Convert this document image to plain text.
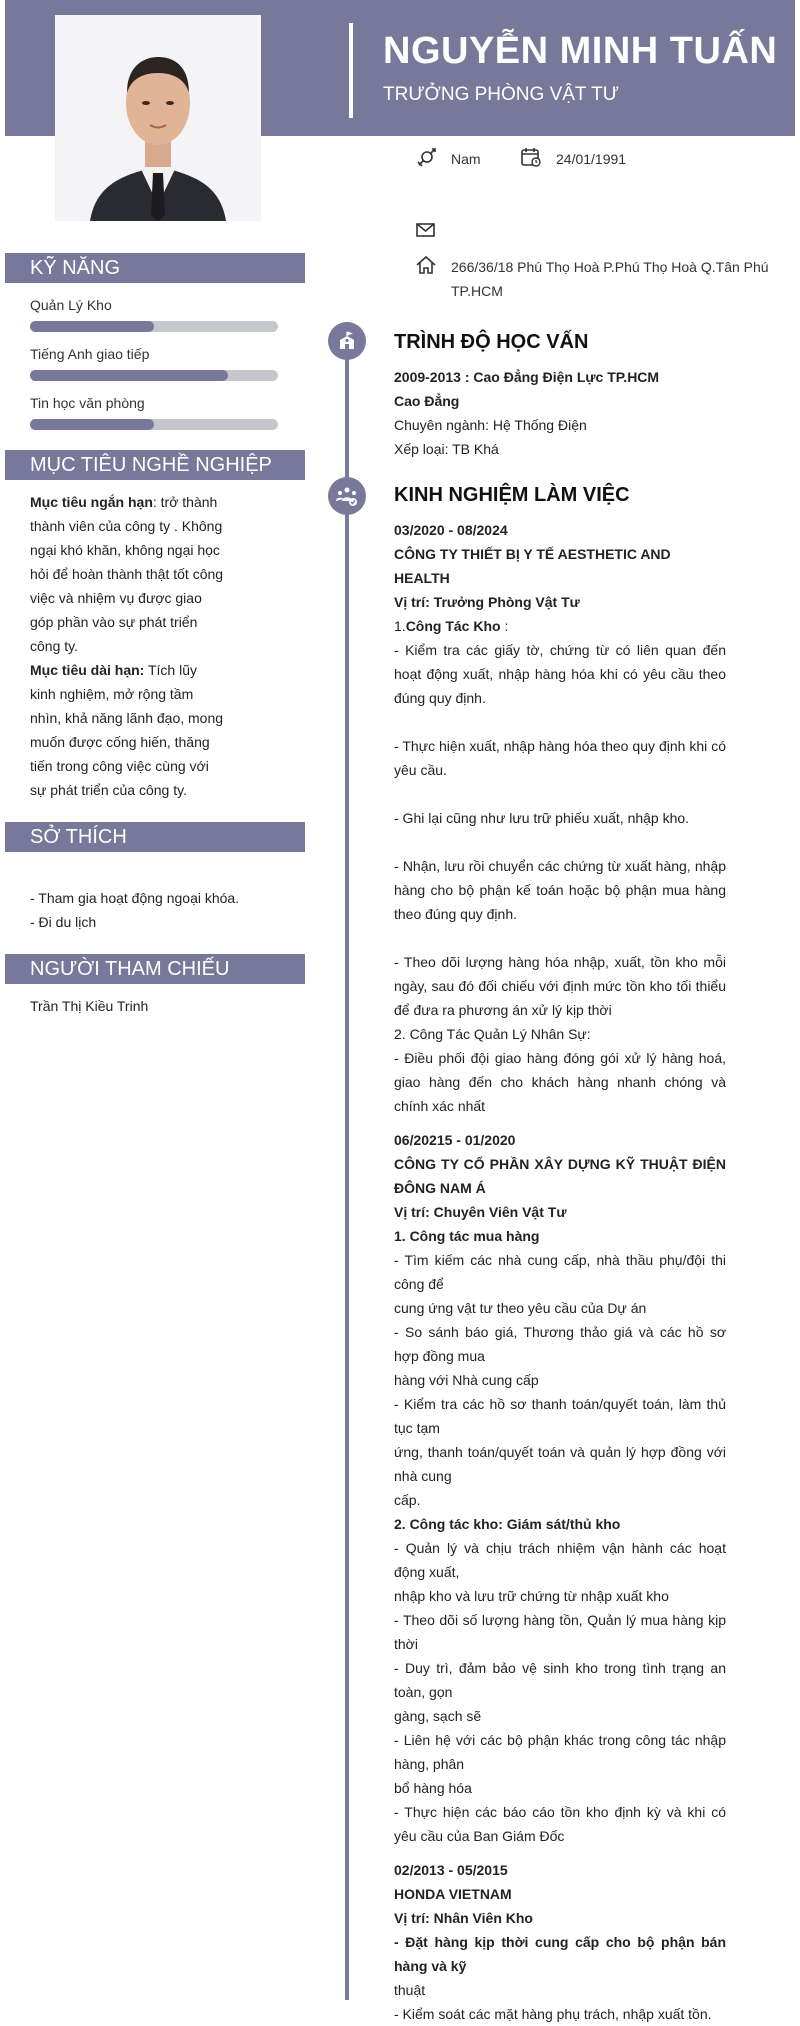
NGUYỄN MINH TUẤN
TRƯỞNG PHÒNG VẬT TƯ
Nam	24/01/1991
266/36/18 Phú Thọ Hoà P.Phú Thọ Hoà Q.Tân Phú TP.HCM
KỸ NĂNG
Quản Lý Kho
Tiếng Anh giao tiếp
Tin học văn phòng
MỤC TIÊU NGHỀ NGHIỆP
Mục tiêu ngắn hạn: trở thành thành viên của công ty . Không ngại khó khăn, không ngại học hỏi để hoàn thành thật tốt công việc và nhiệm vụ được giao góp phần vào sự phát triển công ty.
Mục tiêu dài hạn: Tích lũy kinh nghiệm, mở rộng tầm nhìn, khả năng lãnh đạo, mong muốn được cống hiến, thăng tiến trong công việc cùng với sự phát triển của công ty.
SỞ THÍCH
- Tham gia hoạt động ngoại khóa.
- Đi du lịch
NGƯỜI THAM CHIẾU
Trần Thị Kiều Trinh
TRÌNH ĐỘ HỌC VẤN
2009-2013 : Cao Đẳng Điện Lực TP.HCM
Cao Đẳng
Chuyên ngành: Hệ Thống Điện
Xếp loại: TB Khá
KINH NGHIỆM LÀM VIỆC
03/2020 - 08/2024
CÔNG TY THIẾT BỊ Y TẾ AESTHETIC AND HEALTH
Vị trí: Trưởng Phòng Vật Tư
1.Công Tác Kho :
- Kiểm tra các giấy tờ, chứng từ có liên quan đến hoạt động xuất, nhập hàng hóa khi có yêu cầu theo đúng quy định.
- Thực hiện xuất, nhập hàng hóa theo quy định khi có yêu cầu.
- Ghi lại cũng như lưu trữ phiếu xuất, nhập kho.
- Nhận, lưu rồi chuyển các chứng từ xuất hàng, nhập hàng cho bộ phận kế toán hoặc bộ phận mua hàng theo đúng quy định.
- Theo dõi lượng hàng hóa nhập, xuất, tồn kho mỗi ngày, sau đó đối chiếu với định mức tồn kho tối thiểu để đưa ra phương án xử lý kịp thời
2. Công Tác Quản Lý Nhân Sự:
- Điều phối đội giao hàng đóng gói xử lý hàng hoá, giao hàng đến cho khách hàng nhanh chóng và chính xác nhất
06/20215 - 01/2020
CÔNG TY CỔ PHẦN XÂY DỰNG KỸ THUẬT ĐIỆN ĐÔNG NAM Á
Vị trí: Chuyên Viên Vật Tư
1. Công tác mua hàng
- Tìm kiếm các nhà cung cấp, nhà thầu phụ/đội thi công để
cung ứng vật tư theo yêu cầu của Dự án
- So sánh báo giá, Thương thảo giá và các hồ sơ hợp đồng mua
hàng với Nhà cung cấp
- Kiểm tra các hồ sơ thanh toán/quyết toán, làm thủ tục tạm
ứng, thanh toán/quyết toán và quản lý hợp đồng với nhà cung
cấp.
2. Công tác kho: Giám sát/thủ kho
- Quản lý và chịu trách nhiệm vận hành các hoạt động xuất,
nhập kho và lưu trữ chứng từ nhập xuất kho
- Theo dõi số lượng hàng tồn, Quản lý mua hàng kịp thời
- Duy trì, đảm bảo vệ sinh kho trong tình trạng an toàn, gọn
gàng, sạch sẽ
- Liên hệ với các bộ phận khác trong công tác nhập hàng, phân
bổ hàng hóa
- Thực hiện các báo cáo tồn kho định kỳ và khi có yêu cầu của Ban Giám Đốc
02/2013 - 05/2015
HONDA VIETNAM
Vị trí: Nhân Viên Kho
- Đặt hàng kịp thời cung cấp cho bộ phận bán hàng và kỹ
thuật
- Kiểm soát các mặt hàng phụ trách, nhập xuất tồn.
